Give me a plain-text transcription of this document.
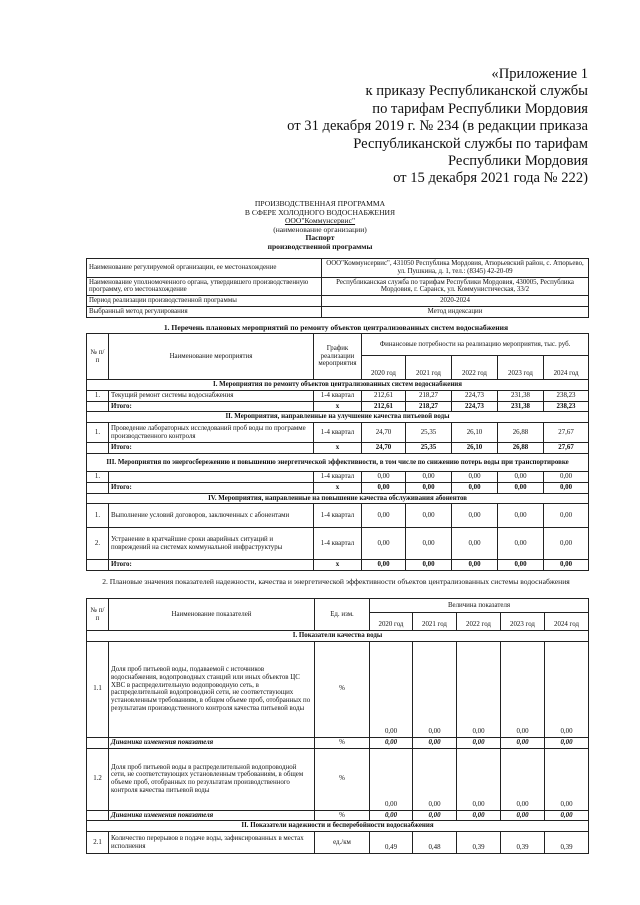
«Приложение 1
к приказу Республиканской службы
по тарифам Республики Мордовия
от 31 декабря 2019 г. № 234 (в редакции приказа
Республиканской службы по тарифам
Республики Мордовия
от 15 декабря 2021 года № 222)
ПРОИЗВОДСТВЕННАЯ ПРОГРАММА
В СФЕРЕ ХОЛОДНОГО ВОДОСНАБЖЕНИЯ
ООО"Коммунсервис"
(наименование организации)
Паспорт
производственной программы
Наименование регулируемой организации, ее местонахождение	ООО"Коммунсервис", 431050 Республика Мордовия, Атюрьевский район, с. Атюрьево, ул. Пушкина, д. 1, тел.: (8345) 42-20-09
Наименование уполномоченного органа, утвердившего производственную программу, его местонахождение	Республиканская служба по тарифам Республики Мордовия, 430005, Республика Мордовия, г. Саранск, ул. Коммунистическая, 33/2
Период реализации производственной программы	2020-2024
Выбранный метод регулирования	Метод индексации
1. Перечень плановых мероприятий по ремонту объектов централизованных систем водоснабжения
№ п/п	Наименование мероприятия	График реализации мероприятия	Финансовые потребности на реализацию мероприятия, тыс. руб.				
			2020 год	2021 год	2022 год	2023 год	2024 год
I. Мероприятия по ремонту объектов централизованных систем водоснабжения							
1.	Текущий ремонт системы водоснабжения	1-4 квартал	212,61	218,27	224,73	231,38	238,23
	Итого:	х	212,61	218,27	224,73	231,38	238,23
II. Мероприятия, направленные на улучшение качества питьевой воды							
1.	Проведение лабораторных исследований проб воды по программе производственного контроля	1-4 квартал	24,70	25,35	26,10	26,88	27,67
	Итого:	х	24,70	25,35	26,10	26,88	27,67
III. Мероприятия по энергосбережению и повышению энергетической эффективности, в том числе по снижению потерь воды при транспортировке							
1.		1-4 квартал	0,00	0,00	0,00	0,00	0,00
	Итого:	х	0,00	0,00	0,00	0,00	0,00
IV. Мероприятия, направленные на повышение качества обслуживания абонентов							
1.	Выполнение условий договоров, заключенных с абонентами	1-4 квартал	0,00	0,00	0,00	0,00	0,00
2.	Устранение в кратчайшие сроки аварийных ситуаций и повреждений на системах коммунальной инфраструктуры	1-4 квартал	0,00	0,00	0,00	0,00	0,00
	Итого:	х	0,00	0,00	0,00	0,00	0,00
2. Плановые значения показателей надежности, качества и энергетической эффективности объектов централизованных системы водоснабжения
№ п/п	Наименование показателей	Ед. изм.	Величина показателя				
			2020 год	2021 год	2022 год	2023 год	2024 год
I. Показатели качества воды							
1.1	Доля проб питьевой воды, подаваемой с источников водоснабжения, водопроводных станций или иных объектов ЦС ХВС в распределительную водопроводную сеть, в распределительной водопроводной сети, не соответствующих установленным требованиям, в общем объеме проб, отобранных по результатам производственного контроля качества питьевой воды	%	0,00	0,00	0,00	0,00	0,00
	Динамика изменения показателя	%	0,00	0,00	0,00	0,00	0,00
1.2	Доля проб питьевой воды в распределительной водопроводной сети, не соответствующих установленным требованиям, в общем объеме проб, отобранных по результатам производственного контроля качества питьевой воды	%	0,00	0,00	0,00	0,00	0,00
	Динамика изменения показателя	%	0,00	0,00	0,00	0,00	0,00
II. Показатели надежности и бесперебойности водоснабжения							
2.1	Количество перерывов в подаче воды, зафиксированных в местах исполнения	ед./км	0,49	0,48	0,39	0,39	0,39
